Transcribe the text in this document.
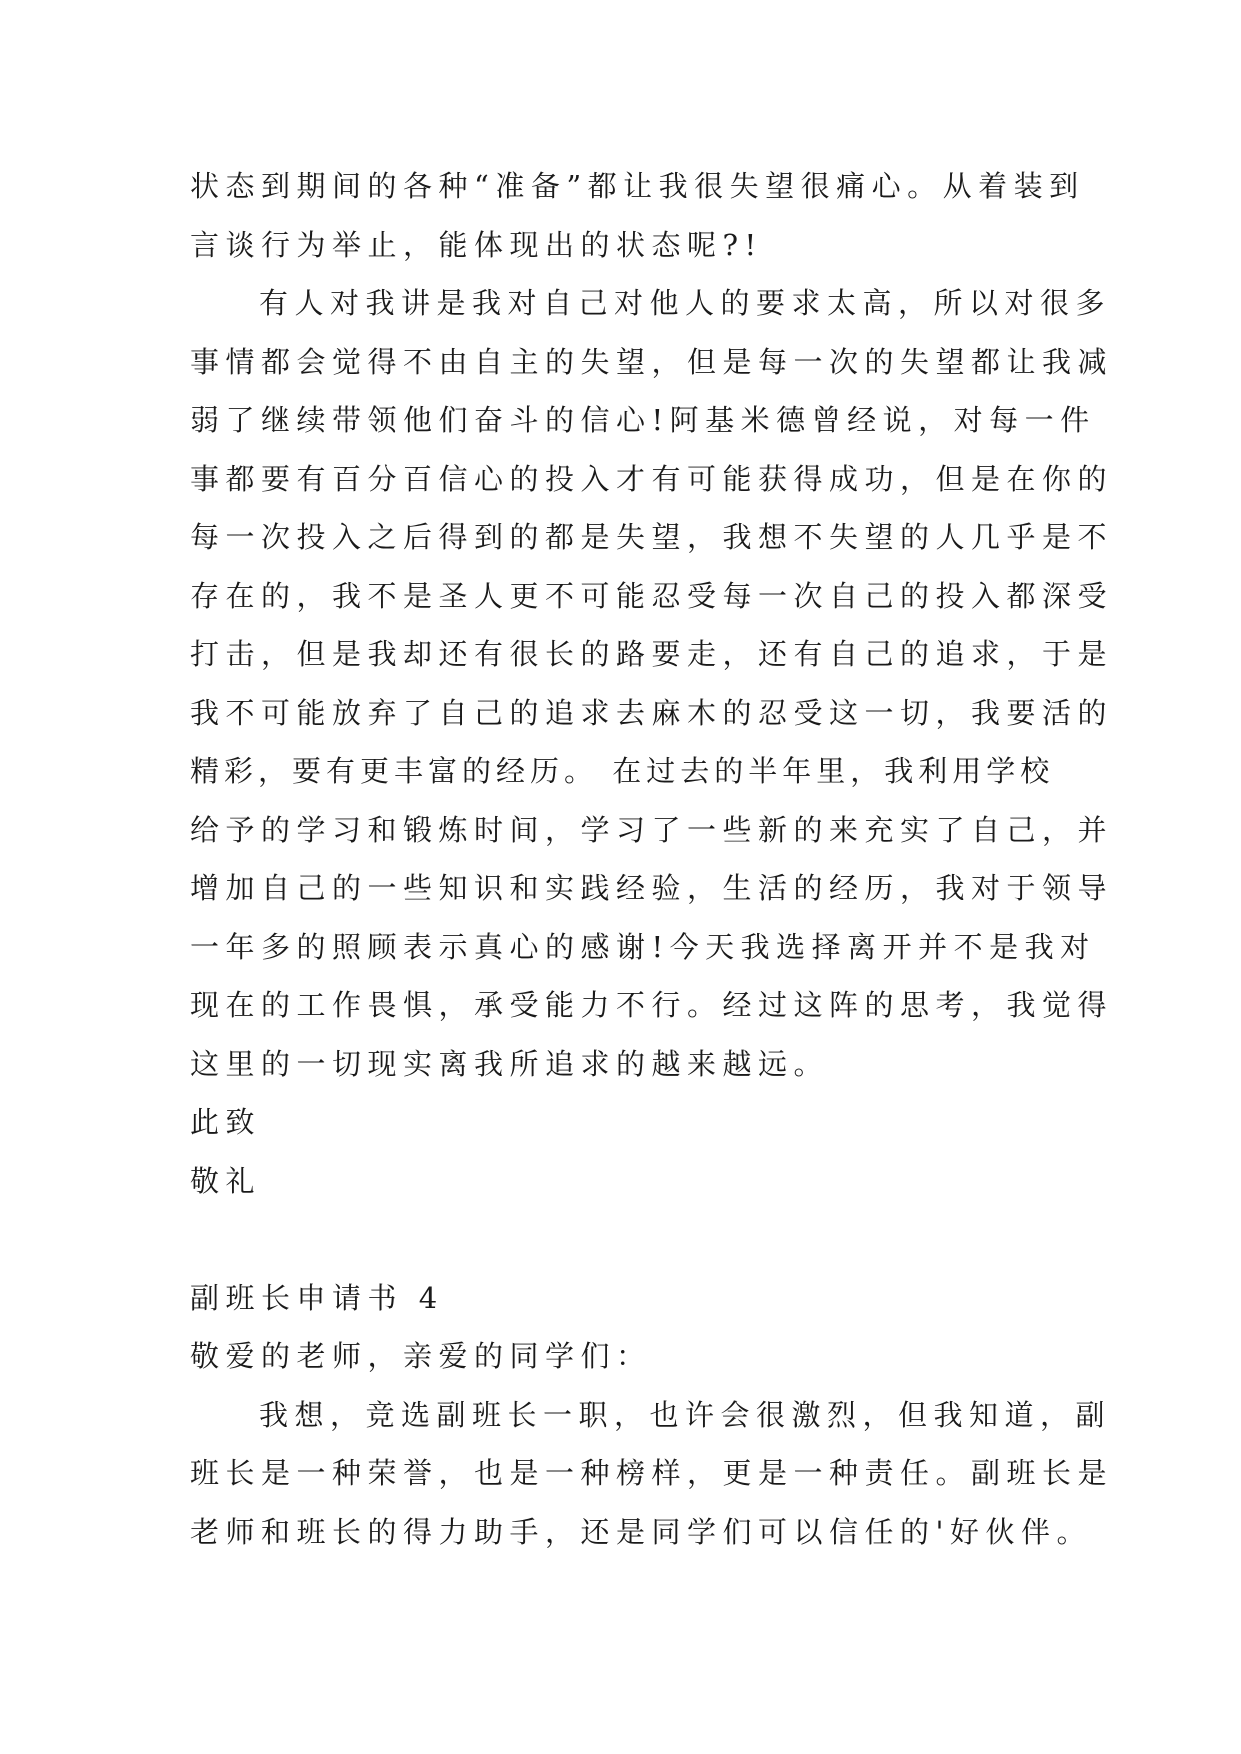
状态到期间的各种“准备”都让我很失望很痛心。从着装到
言谈行为举止，能体现出的状态呢?!
有人对我讲是我对自己对他人的要求太高，所以对很多
事情都会觉得不由自主的失望，但是每一次的失望都让我减
弱了继续带领他们奋斗的信心!阿基米德曾经说，对每一件
事都要有百分百信心的投入才有可能获得成功，但是在你的
每一次投入之后得到的都是失望，我想不失望的人几乎是不
存在的，我不是圣人更不可能忍受每一次自己的投入都深受
打击，但是我却还有很长的路要走，还有自己的追求，于是
我不可能放弃了自己的追求去麻木的忍受这一切，我要活的
精彩，要有更丰富的经历。 在过去的半年里，我利用学校
给予的学习和锻炼时间，学习了一些新的来充实了自己，并
增加自己的一些知识和实践经验，生活的经历，我对于领导
一年多的照顾表示真心的感谢!今天我选择离开并不是我对
现在的工作畏惧，承受能力不行。经过这阵的思考，我觉得
这里的一切现实离我所追求的越来越远。
此致
敬礼
副班长申请书 4
敬爱的老师，亲爱的同学们：
我想，竞选副班长一职，也许会很激烈，但我知道，副
班长是一种荣誉，也是一种榜样，更是一种责任。副班长是
老师和班长的得力助手，还是同学们可以信任的'好伙伴。
